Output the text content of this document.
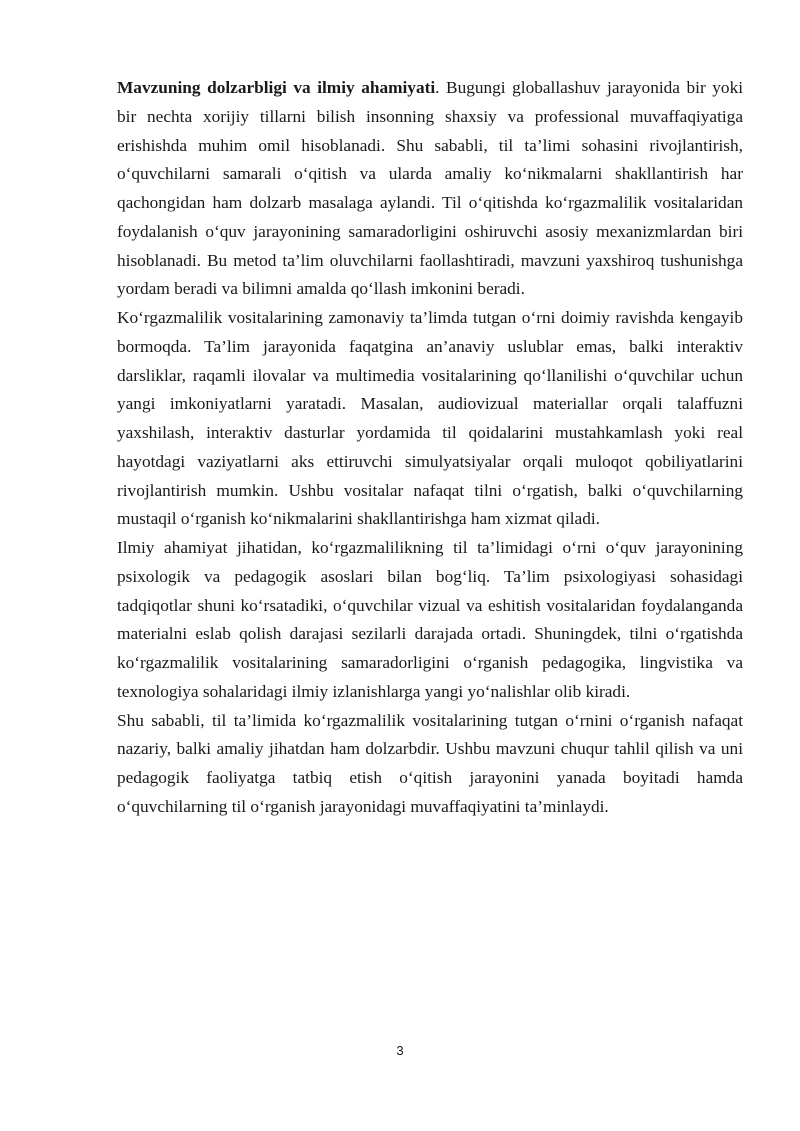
Mavzuning dolzarbligi va ilmiy ahamiyati. Bugungi globallashuv jarayonida bir yoki bir nechta xorijiy tillarni bilish insonning shaxsiy va professional muvaffaqiyatiga erishishda muhim omil hisoblanadi. Shu sababli, til ta’limi sohasini rivojlantirish, o‘quvchilarni samarali o‘qitish va ularda amaliy ko‘nikmalarni shakllantirish har qachongidan ham dolzarb masalaga aylandi. Til o‘qitishda ko‘rgazmalilik vositalaridan foydalanish o‘quv jarayonining samaradorligini oshiruvchi asosiy mexanizmlardan biri hisoblanadi. Bu metod ta’lim oluvchilarni faollashtiradi, mavzuni yaxshiroq tushunishga yordam beradi va bilimni amalda qo‘llash imkonini beradi.

Ko‘rgazmalilik vositalarining zamonaviy ta’limda tutgan o‘rni doimiy ravishda kengayib bormoqda. Ta’lim jarayonida faqatgina an’anaviy uslublar emas, balki interaktiv darsliklar, raqamli ilovalar va multimedia vositalarining qo‘llanilishi o‘quvchilar uchun yangi imkoniyatlarni yaratadi. Masalan, audiovizual materiallar orqali talaffuzni yaxshilash, interaktiv dasturlar yordamida til qoidalarini mustahkamlash yoki real hayotdagi vaziyatlarni aks ettiruvchi simulyatsiyalar orqali muloqot qobiliyatlarini rivojlantirish mumkin. Ushbu vositalar nafaqat tilni o‘rgatish, balki o‘quvchilarning mustaqil o‘rganish ko‘nikmalarini shakllantirishga ham xizmat qiladi.

Ilmiy ahamiyat jihatidan, ko‘rgazmalilikning til ta’limidagi o‘rni o‘quv jarayonining psixologik va pedagogik asoslari bilan bog‘liq. Ta’lim psixologiyasi sohasidagi tadqiqotlar shuni ko‘rsatadiki, o‘quvchilar vizual va eshitish vositalaridan foydalanganda materialni eslab qolish darajasi sezilarli darajada ortadi. Shuningdek, tilni o‘rgatishda ko‘rgazmalilik vositalarining samaradorligini o‘rganish pedagogika, lingvistika va texnologiya sohalaridagi ilmiy izlanishlarga yangi yo‘nalishlar olib kiradi.

Shu sababli, til ta’limida ko‘rgazmalilik vositalarining tutgan o‘rnini o‘rganish nafaqat nazariy, balki amaliy jihatdan ham dolzarbdir. Ushbu mavzuni chuqur tahlil qilish va uni pedagogik faoliyatga tatbiq etish o‘qitish jarayonini yanada boyitadi hamda o‘quvchilarning til o‘rganish jarayonidagi muvaffaqiyatini ta’minlaydi.

3
